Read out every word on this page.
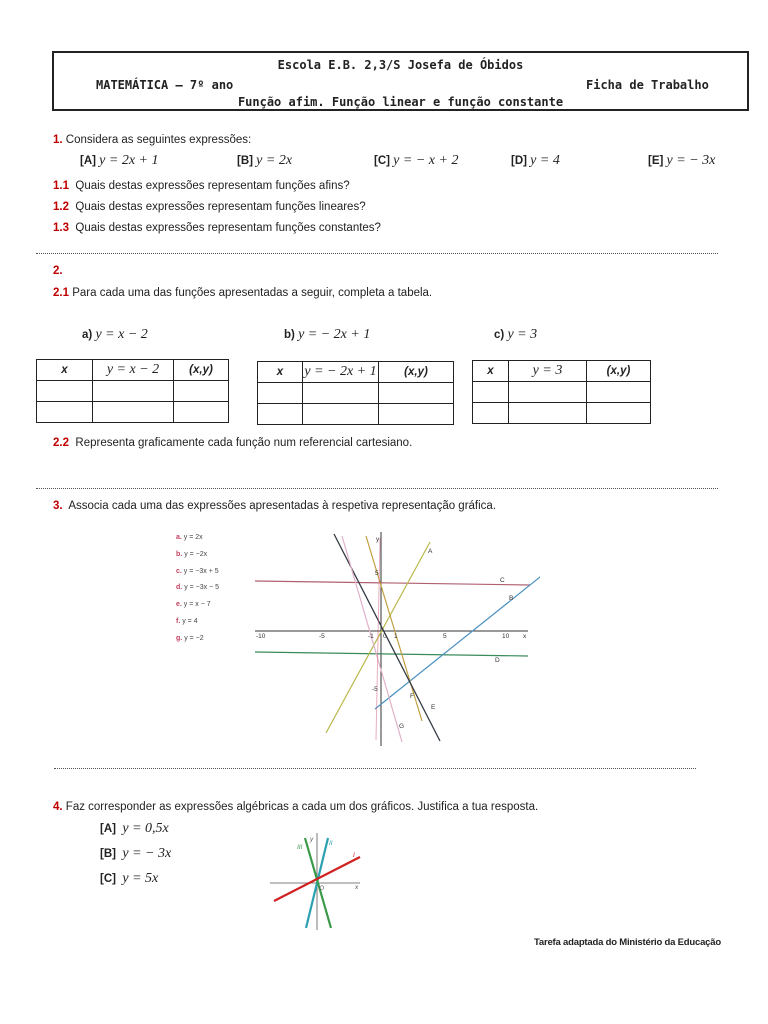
Escola E.B. 2,3/S Josefa de Óbidos
MATEMÁTICA – 7º ano	Ficha de Trabalho
Função afim. Função linear e função constante
1. Considera as seguintes expressões:
[A] y = 2x + 1	[B] y = 2x	[C] y = − x + 2	[D] y = 4	[E] y = − 3x
1.1 Quais destas expressões representam funções afins?
1.2 Quais destas expressões representam funções lineares?
1.3 Quais destas expressões representam funções constantes?
2.
2.1 Para cada uma das funções apresentadas a seguir, completa a tabela.
a) y = x − 2	b) y = − 2x + 1	c) y = 3
x	y = x − 2	(x,y)

			x	y = − 2x + 1	(x,y)

			x	y = 3	(x,y)

2.2 Representa graficamente cada função num referencial cartesiano.
3. Associa cada uma das expressões apresentadas à respetiva representação gráfica.
a. y = 2x
b. y = −2x
c. y = −3x + 5
d. y = −3x − 5
e. y = x − 7
f. y = 4
g. y = −2	-10	-5	-1	1	5	10
5
-5
x
y
0
A
B
C
D
E
F
G
4. Faz corresponder as expressões algébricas a cada um dos gráficos. Justifica a tua resposta.
[A] y = 0,5x
[B] y = − 3x
[C] y = 5x
x
y
O
I
II
III
Tarefa adaptada do Ministério da Educação
